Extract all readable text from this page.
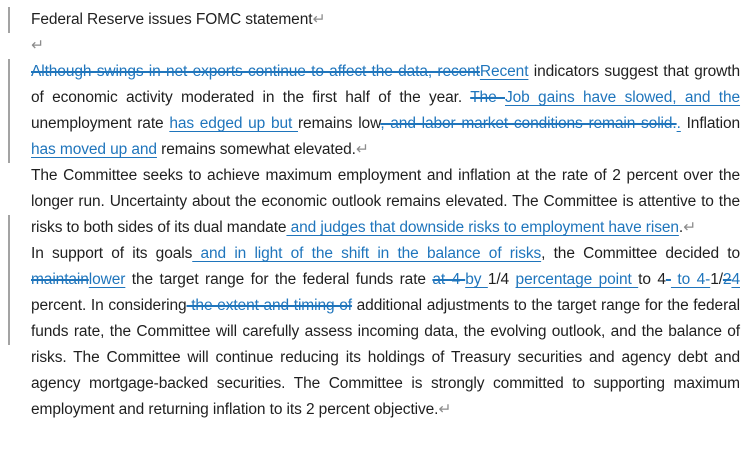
Federal Reserve issues FOMC statement↵

↵

Although swings in net exports continue to affect the data, recentRecent indicators suggest that growth of economic activity moderated in the first half of the year. The Job gains have slowed, and the unemployment rate has edged up but remains low, and labor market conditions remain solid.. Inflation has moved up and remains somewhat elevated.↵

The Committee seeks to achieve maximum employment and inflation at the rate of 2 percent over the longer run. Uncertainty about the economic outlook remains elevated. The Committee is attentive to the risks to both sides of its dual mandate and judges that downside risks to employment have risen.↵

In support of its goals and in light of the shift in the balance of risks, the Committee decided to maintainlower the target range for the federal funds rate at 4-by 1/4 percentage point to 4- to 4-1/24 percent. In considering the extent and timing of additional adjustments to the target range for the federal funds rate, the Committee will carefully assess incoming data, the evolving outlook, and the balance of risks. The Committee will continue reducing its holdings of Treasury securities and agency debt and agency mortgage-backed securities. The Committee is strongly committed to supporting maximum employment and returning inflation to its 2 percent objective.↵
